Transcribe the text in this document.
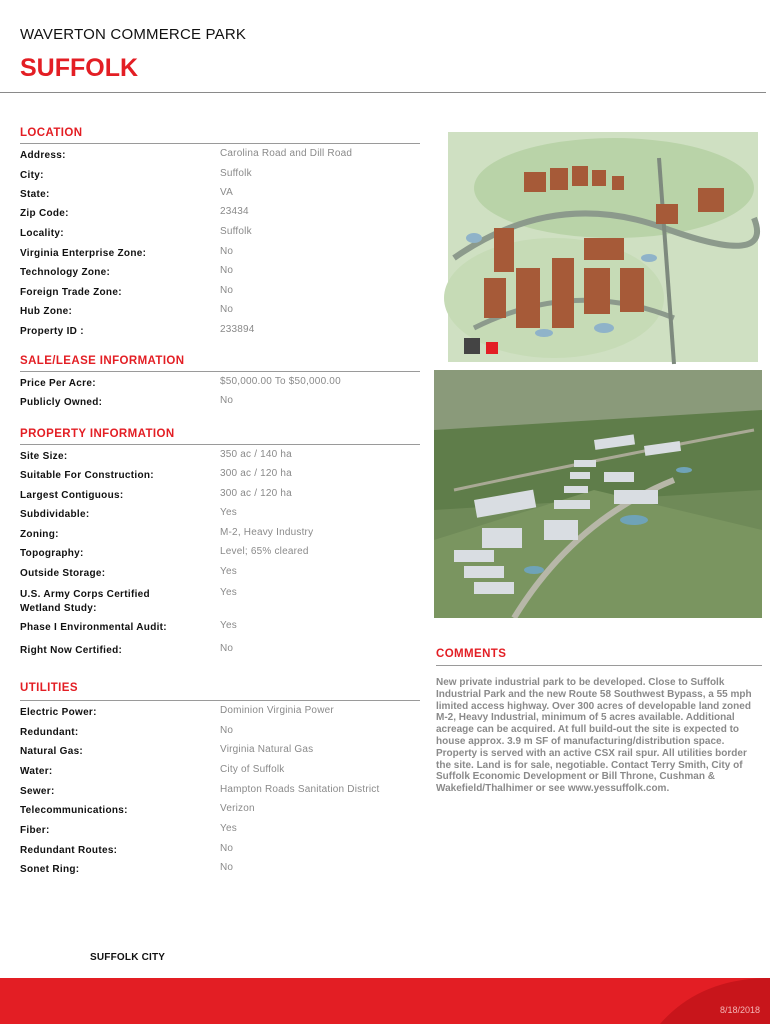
WAVERTON COMMERCE PARK
SUFFOLK
LOCATION
Address:	Carolina Road and Dill Road
City:	Suffolk
State:	VA
Zip Code:	23434
Locality:	Suffolk
Virginia Enterprise Zone:	No
Technology Zone:	No
Foreign Trade Zone:	No
Hub Zone:	No
Property ID :	233894
SALE/LEASE INFORMATION
Price Per Acre:	$50,000.00 To $50,000.00
Publicly Owned:	No
PROPERTY INFORMATION
Site Size:	350 ac / 140 ha
Suitable For Construction:	300 ac / 120 ha
Largest Contiguous:	300 ac / 120 ha
Subdividable:	Yes
Zoning:	M-2, Heavy Industry
Topography:	Level; 65% cleared
Outside Storage:	Yes
U.S. Army Corps Certified
Wetland Study:
Yes
Phase I Environmental Audit:	Yes
Right Now Certified:	No
UTILITIES
Electric Power:	Dominion Virginia Power
Redundant:	No
Natural Gas:	Virginia Natural Gas
Water:	City of Suffolk
Sewer:	Hampton Roads Sanitation District
Telecommunications:	Verizon
Fiber:	Yes
Redundant Routes:	No
Sonet Ring:	No
COMMENTS
New private industrial park to be developed. Close to Suffolk Industrial Park and the new Route 58 Southwest Bypass, a 55 mph limited access highway. Over 300 acres of developable land zoned M-2, Heavy Industrial, minimum of 5 acres available. Additional acreage can be acquired. At full build-out the site is expected to house approx. 3.9 m SF of manufacturing/distribution space. Property is served with an active CSX rail spur. All utilities border the site. Land is for sale, negotiable. Contact Terry Smith, City of Suffolk Economic Development or Bill Throne, Cushman & Wakefield/Thalhimer or see www.yessuffolk.com.
SUFFOLK CITY
8/18/2018
